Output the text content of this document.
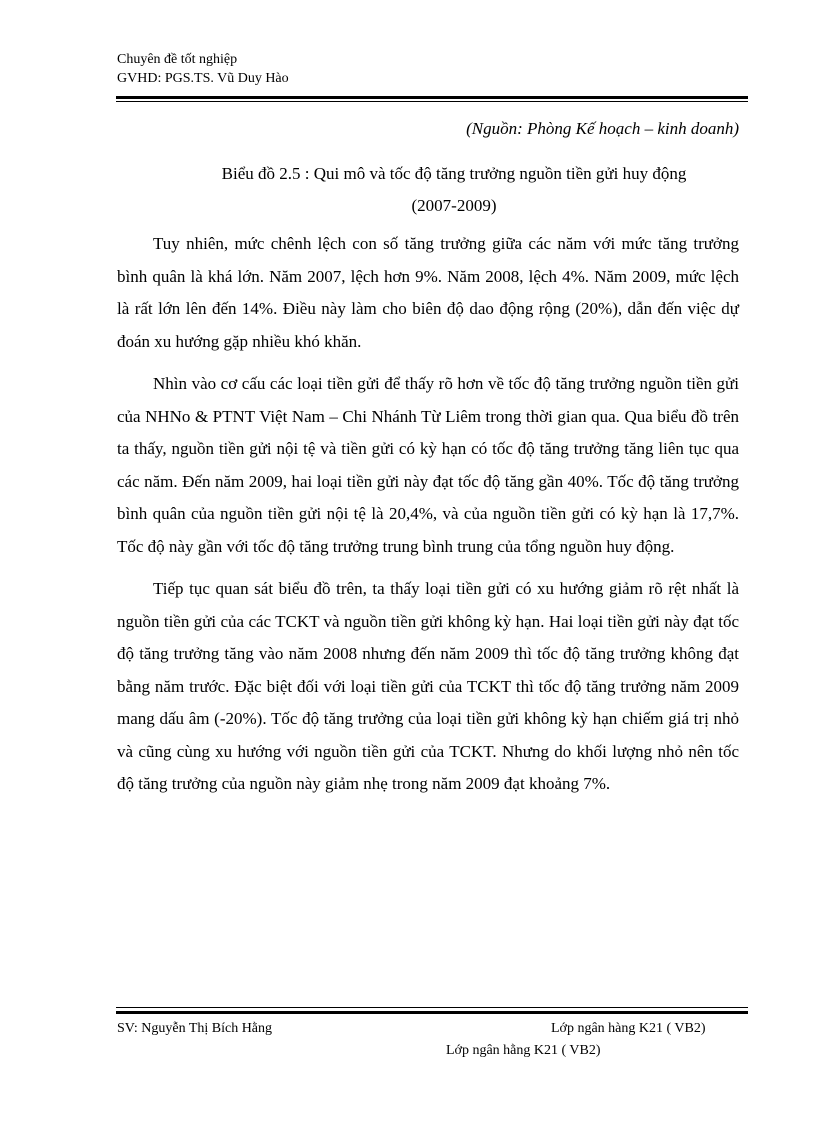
Chuyên đề tốt nghiệp
GVHD: PGS.TS. Vũ Duy Hào
(Nguồn: Phòng Kế hoạch – kinh doanh)
Biểu đồ 2.5 : Qui mô và tốc độ tăng trưởng nguồn tiền gửi huy động
(2007-2009)

Tuy nhiên, mức chênh lệch con số tăng trưởng giữa các năm với mức tăng trưởng bình quân là khá lớn. Năm 2007, lệch hơn 9%. Năm 2008, lệch 4%. Năm 2009, mức lệch là rất lớn lên đến 14%. Điều này làm cho biên độ dao động rộng (20%), dẫn đến việc dự đoán xu hướng gặp nhiều khó khăn.

Nhìn vào cơ cấu các loại tiền gửi để thấy rõ hơn về tốc độ tăng trưởng nguồn tiền gửi của NHNo & PTNT Việt Nam – Chi Nhánh Từ Liêm trong thời gian qua. Qua biểu đồ trên ta thấy, nguồn tiền gửi nội tệ và tiền gửi có kỳ hạn có tốc độ tăng trưởng tăng liên tục qua các năm. Đến năm 2009, hai loại tiền gửi này đạt tốc độ tăng gần 40%. Tốc độ tăng trưởng bình quân của nguồn tiền gửi nội tệ là 20,4%, và của nguồn tiền gửi có kỳ hạn là 17,7%. Tốc độ này gần với tốc độ tăng trưởng trung bình trung của tổng nguồn huy động.

Tiếp tục quan sát biểu đồ trên, ta thấy loại tiền gửi có xu hướng giảm rõ rệt nhất là nguồn tiền gửi của các TCKT và nguồn tiền gửi không kỳ hạn. Hai loại tiền gửi này đạt tốc độ tăng trưởng tăng vào năm 2008 nhưng đến năm 2009 thì tốc độ tăng trưởng không đạt bằng năm trước. Đặc biệt đối với loại tiền gửi của TCKT thì tốc độ tăng trưởng năm 2009 mang dấu âm (-20%). Tốc độ tăng trưởng của loại tiền gửi không kỳ hạn chiếm giá trị nhỏ và cũng cùng xu hướng với nguồn tiền gửi của TCKT. Nhưng do khối lượng nhỏ nên tốc độ tăng trưởng của nguồn này giảm nhẹ trong năm 2009 đạt khoảng 7%.

SV: Nguyễn Thị Bích Hằng	Lớp ngân hàng K21 ( VB2)
Lớp ngân hằng K21 ( VB2)
